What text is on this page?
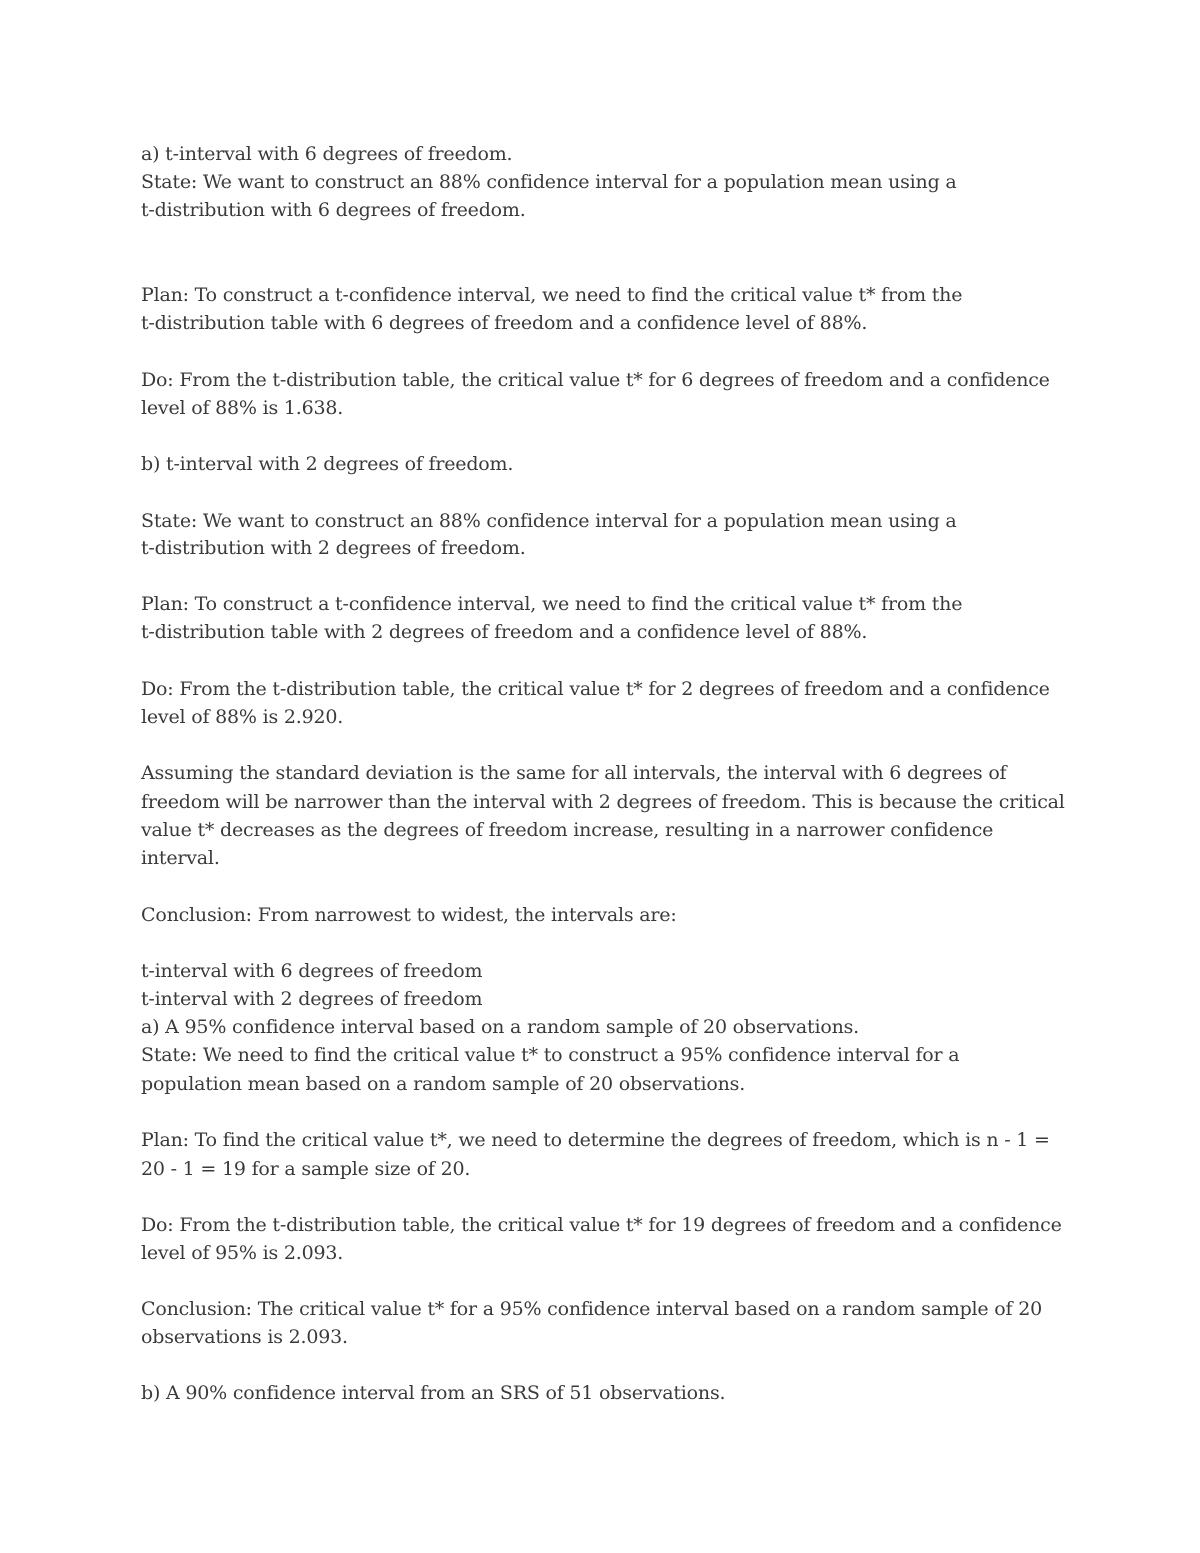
a) t-interval with 6 degrees of freedom.
State: We want to construct an 88% confidence interval for a population mean using a
t-distribution with 6 degrees of freedom.
Plan: To construct a t-confidence interval, we need to find the critical value t* from the
t-distribution table with 6 degrees of freedom and a confidence level of 88%.
Do: From the t-distribution table, the critical value t* for 6 degrees of freedom and a confidence
level of 88% is 1.638.
b) t-interval with 2 degrees of freedom.
State: We want to construct an 88% confidence interval for a population mean using a
t-distribution with 2 degrees of freedom.
Plan: To construct a t-confidence interval, we need to find the critical value t* from the
t-distribution table with 2 degrees of freedom and a confidence level of 88%.
Do: From the t-distribution table, the critical value t* for 2 degrees of freedom and a confidence
level of 88% is 2.920.
Assuming the standard deviation is the same for all intervals, the interval with 6 degrees of
freedom will be narrower than the interval with 2 degrees of freedom. This is because the critical
value t* decreases as the degrees of freedom increase, resulting in a narrower confidence
interval.
Conclusion: From narrowest to widest, the intervals are:
t-interval with 6 degrees of freedom
t-interval with 2 degrees of freedom
a) A 95% confidence interval based on a random sample of 20 observations.
State: We need to find the critical value t* to construct a 95% confidence interval for a
population mean based on a random sample of 20 observations.
Plan: To find the critical value t*, we need to determine the degrees of freedom, which is n - 1 =
20 - 1 = 19 for a sample size of 20.
Do: From the t-distribution table, the critical value t* for 19 degrees of freedom and a confidence
level of 95% is 2.093.
Conclusion: The critical value t* for a 95% confidence interval based on a random sample of 20
observations is 2.093.
b) A 90% confidence interval from an SRS of 51 observations.
